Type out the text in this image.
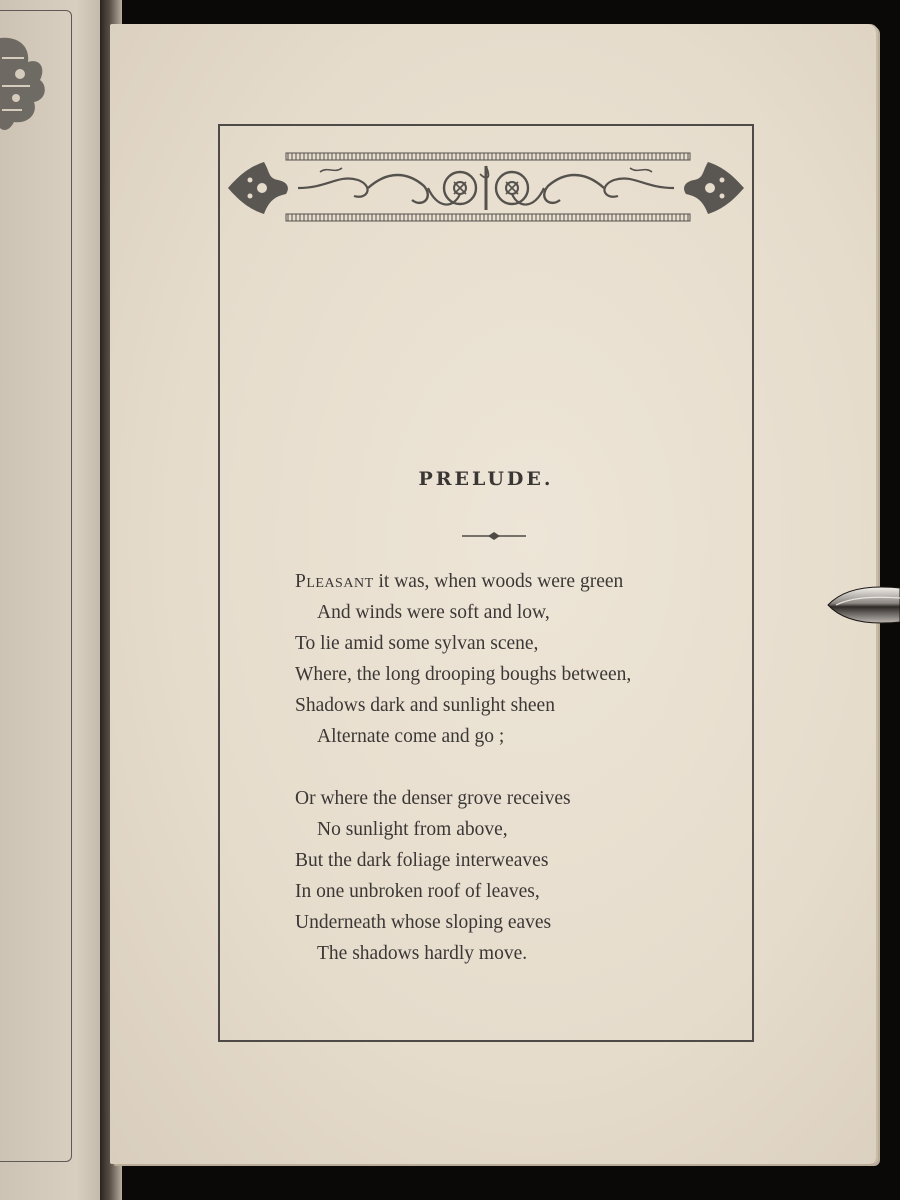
PRELUDE.
Pleasant it was, when woods were green
And winds were soft and low,
To lie amid some sylvan scene,
Where, the long drooping boughs between,
Shadows dark and sunlight sheen
Alternate come and go ;
Or where the denser grove receives
No sunlight from above,
But the dark foliage interweaves
In one unbroken roof of leaves,
Underneath whose sloping eaves
The shadows hardly move.
